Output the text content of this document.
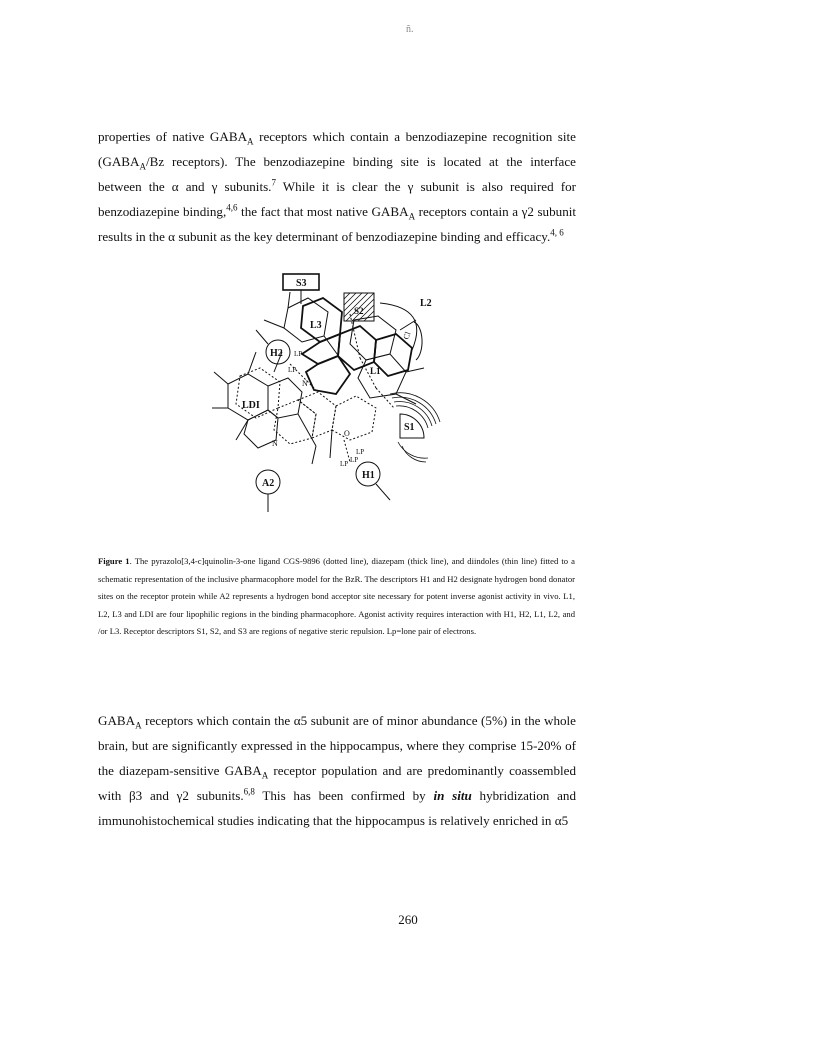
ñ.

properties of native $GABA_A$ receptors which contain a benzodiazepine recognition site ($GABA_A/Bz$ receptors). The benzodiazepine binding site is located at the interface between the α and γ subunits.$^7$ While it is clear the γ subunit is also required for benzodiazepine binding,$^{4,6}$ the fact that most native $GABA_A$ receptors contain a γ2 subunit results in the α subunit as the key determinant of benzodiazepine binding and efficacy.$^{4, 6}$

S3
S2
L2
L3
L1
LDI
H2
H1
A2
S1
LP
LP
LP
LP
LP
N
N
O
Cl
Figure 1. The pyrazolo[3,4-c]quinolin-3-one ligand CGS-9896 (dotted line), diazepam (thick line), and diindoles (thin line) fitted to a schematic representation of the inclusive pharmacophore model for the BzR. The descriptors H1 and H2 designate hydrogen bond donator sites on the receptor protein while A2 represents a hydrogen bond acceptor site necessary for potent inverse agonist activity in vivo. L1, L2, L3 and LDI are four lipophilic regions in the binding pharmacophore. Agonist activity requires interaction with H1, H2, L1, L2, and /or L3. Receptor descriptors S1, S2, and S3 are regions of negative steric repulsion. Lp=lone pair of electrons.

$GABA_A$ receptors which contain the α5 subunit are of minor abundance (5%) in the whole brain, but are significantly expressed in the hippocampus, where they comprise 15-20% of the diazepam-sensitive $GABA_A$ receptor population and are predominantly coassembled with β3 and γ2 subunits.$^{6,8}$ This has been confirmed by in situ hybridization and immunohistochemical studies indicating that the hippocampus is relatively enriched in α5

260
